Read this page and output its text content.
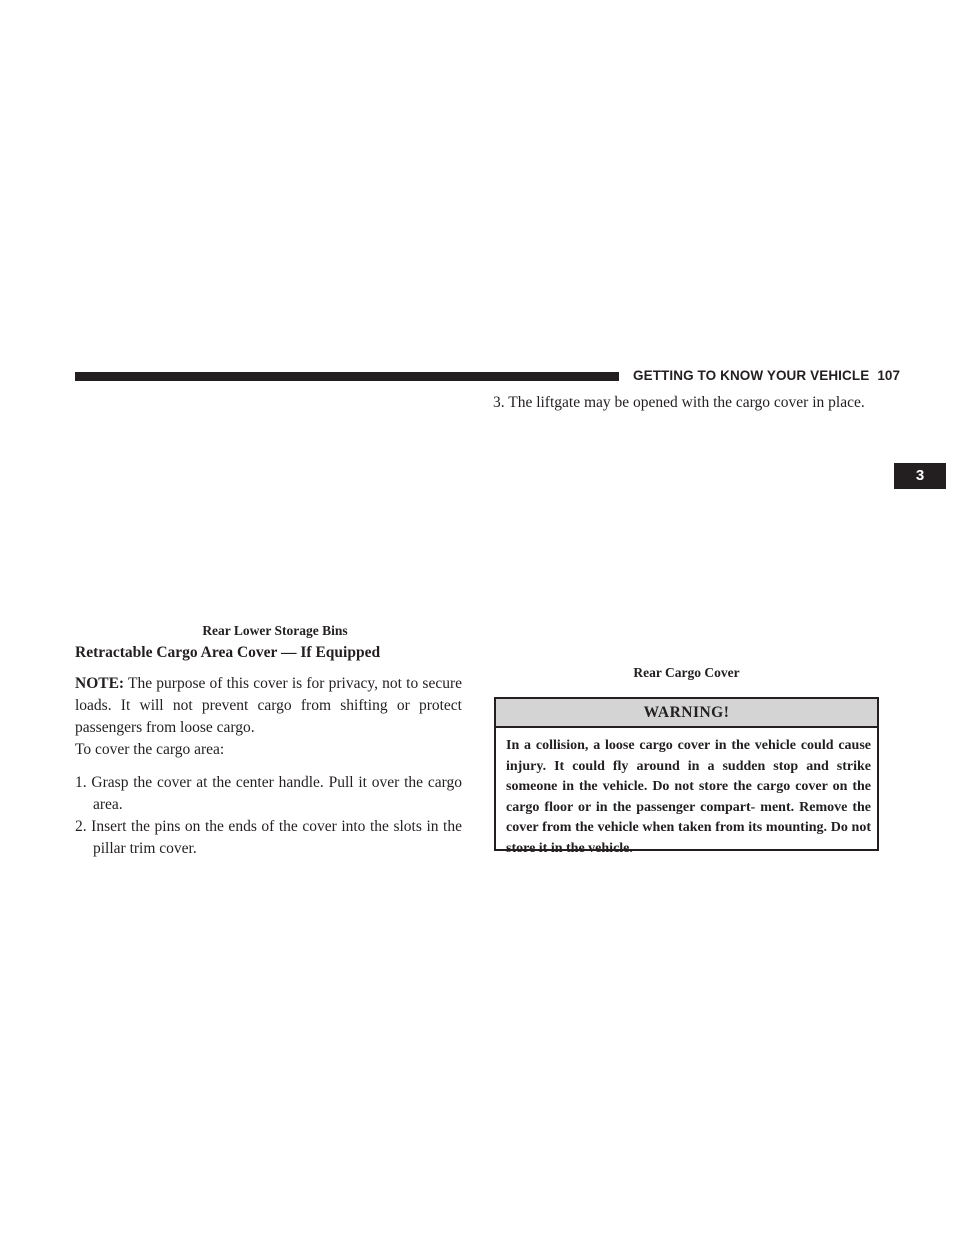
GETTING TO KNOW YOUR VEHICLE 107
3
Rear Lower Storage Bins
Retractable Cargo Area Cover — If Equipped
NOTE: The purpose of this cover is for privacy, not to secure loads. It will not prevent cargo from shifting or protect passengers from loose cargo.
To cover the cargo area:
1. Grasp the cover at the center handle. Pull it over the cargo area.
2. Insert the pins on the ends of the cover into the slots in the pillar trim cover.
3. The liftgate may be opened with the cargo cover in place.
Rear Cargo Cover
WARNING!
In a collision, a loose cargo cover in the vehicle could cause injury. It could fly around in a sudden stop and strike someone in the vehicle. Do not store the cargo cover on the cargo floor or in the passenger compart- ment. Remove the cover from the vehicle when taken from its mounting. Do not store it in the vehicle.
